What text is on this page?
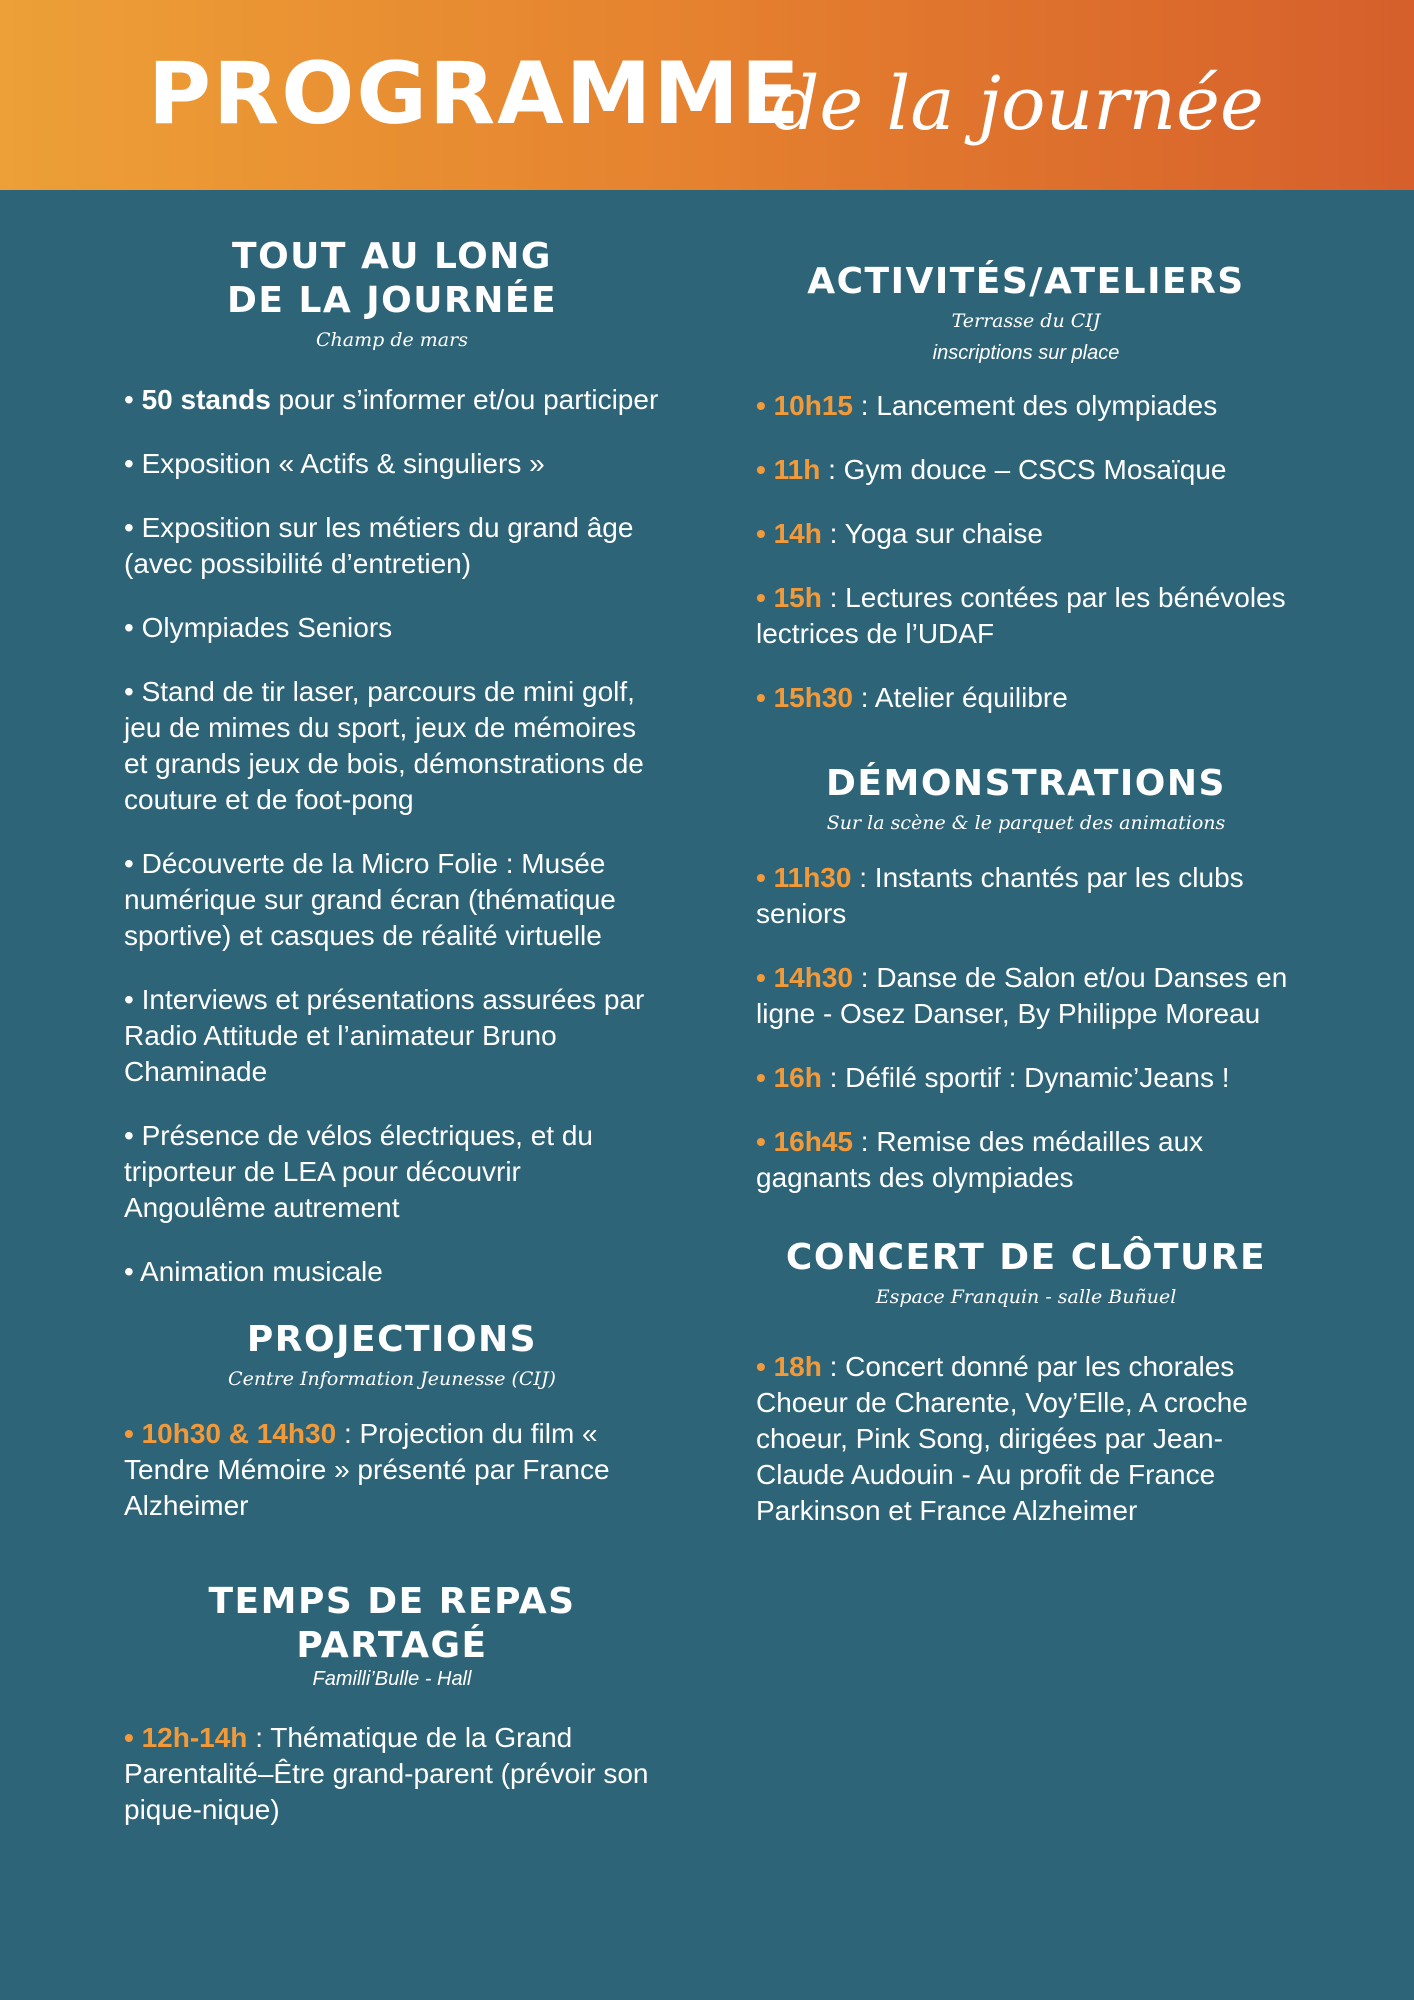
PROGRAMME
de la journée
TOUT AU LONG
DE LA JOURNÉE
Champ de mars
• 50 stands pour s’informer et/ou participer
• Exposition « Actifs & singuliers »
• Exposition sur les métiers du grand âge (avec possibilité d’entretien)
• Olympiades Seniors
• Stand de tir laser, parcours de mini golf, jeu de mimes du sport, jeux de mémoires et grands jeux de bois, démonstrations de couture et de foot-pong
• Découverte de la Micro Folie : Musée numérique sur grand écran (thématique sportive) et casques de réalité virtuelle
• Interviews et présentations assurées par Radio Attitude et l’animateur Bruno Chaminade
• Présence de vélos électriques, et du triporteur de LEA pour découvrir Angoulême autrement
• Animation musicale
PROJECTIONS
Centre Information Jeunesse (CIJ)
• 10h30 & 14h30 : Projection du film « Tendre Mémoire » présenté par France Alzheimer
TEMPS DE REPAS PARTAGÉ
Familli’Bulle - Hall
• 12h-14h : Thématique de la Grand Parentalité–Être grand-parent (prévoir son pique-nique)
ACTIVITÉS/ATELIERS
Terrasse du CIJ
inscriptions sur place
• 10h15 : Lancement des olympiades
• 11h : Gym douce – CSCS Mosaïque
• 14h : Yoga sur chaise
• 15h : Lectures contées par les bénévoles lectrices de l’UDAF
• 15h30 : Atelier équilibre
DÉMONSTRATIONS
Sur la scène & le parquet des animations
• 11h30 : Instants chantés par les clubs seniors
• 14h30 : Danse de Salon et/ou Danses en ligne - Osez Danser, By Philippe Moreau
• 16h : Défilé sportif : Dynamic’Jeans !
• 16h45 : Remise des médailles aux gagnants des olympiades
CONCERT DE CLÔTURE
Espace Franquin - salle Buñuel
• 18h : Concert donné par les chorales Choeur de Charente, Voy’Elle, A croche choeur, Pink Song, dirigées par Jean-Claude Audouin - Au profit de France Parkinson et France Alzheimer
